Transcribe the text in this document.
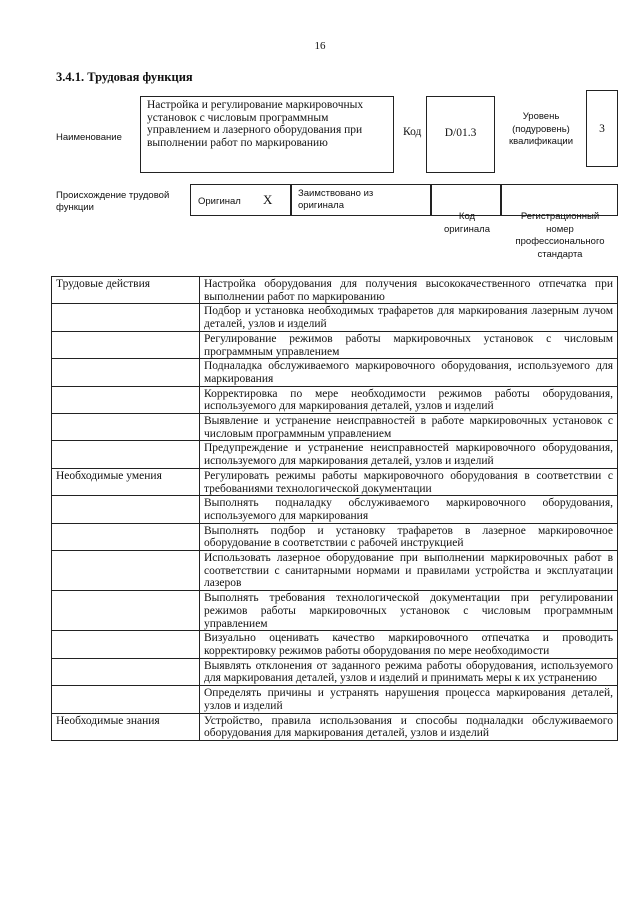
16
3.4.1. Трудовая функция
Наименование
Настройка и регулирование маркировочных установок с числовым программным управлением и лазерного оборудования при выполнении работ по маркированию
Код	D/01.3
Уровень (подуровень) квалификации
3
Происхождение трудовой функции
Оригинал X	Заимствовано из оригинала
Код оригинала
Регистрационный номер профессионального стандарта
Трудовые действия	Настройка оборудования для получения высококачественного отпечатка при выполнении работ по маркированию
	Подбор и установка необходимых трафаретов для маркирования лазерным лучом деталей, узлов и изделий
	Регулирование режимов работы маркировочных установок с числовым программным управлением
	Подналадка обслуживаемого маркировочного оборудования, используемого для маркирования
	Корректировка по мере необходимости режимов работы оборудования, используемого для маркирования деталей, узлов и изделий
	Выявление и устранение неисправностей в работе маркировочных установок с числовым программным управлением
	Предупреждение и устранение неисправностей маркировочного оборудования, используемого для маркирования деталей, узлов и изделий
Необходимые умения	Регулировать режимы работы маркировочного оборудования в соответствии с требованиями технологической документации
	Выполнять подналадку обслуживаемого маркировочного оборудования, используемого для маркирования
	Выполнять подбор и установку трафаретов в лазерное маркировочное оборудование в соответствии с рабочей инструкцией
	Использовать лазерное оборудование при выполнении маркировочных работ в соответствии с санитарными нормами и правилами устройства и эксплуатации лазеров
	Выполнять требования технологической документации при регулировании режимов работы маркировочных установок с числовым программным управлением
	Визуально оценивать качество маркировочного отпечатка и проводить корректировку режимов работы оборудования по мере необходимости
	Выявлять отклонения от заданного режима работы оборудования, используемого для маркирования деталей, узлов и изделий и принимать меры к их устранению
	Определять причины и устранять нарушения процесса маркирования деталей, узлов и изделий
Необходимые знания	Устройство, правила использования и способы подналадки обслуживаемого оборудования для маркирования деталей, узлов и изделий
